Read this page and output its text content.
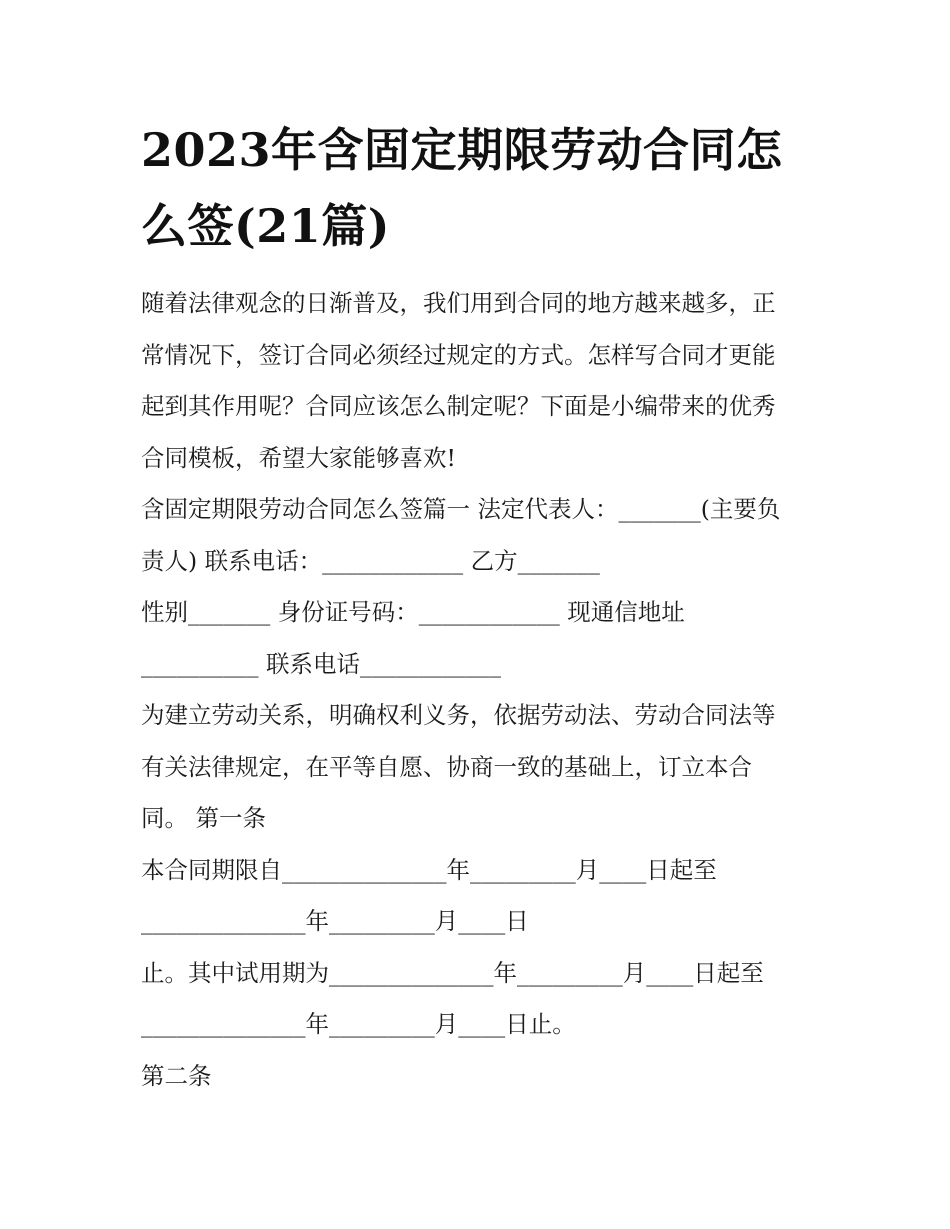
2023年含固定期限劳动合同怎
么签(21篇)

随着法律观念的日渐普及，我们用到合同的地方越来越多，正
常情况下，签订合同必须经过规定的方式。怎样写合同才更能
起到其作用呢？合同应该怎么制定呢？下面是小编带来的优秀
合同模板，希望大家能够喜欢!

含固定期限劳动合同怎么签篇一 法定代表人：_______(主要负
责人) 联系电话：____________ 乙方_______
性别_______ 身份证号码：____________ 现通信地址
__________ 联系电话____________

为建立劳动关系，明确权利义务，依据劳动法、劳动合同法等
有关法律规定，在平等自愿、协商一致的基础上，订立本合
同。 第一条

本合同期限自______________年_________月____日起至
______________年_________月____日

止。其中试用期为______________年_________月____日起至
______________年_________月____日止。

第二条
